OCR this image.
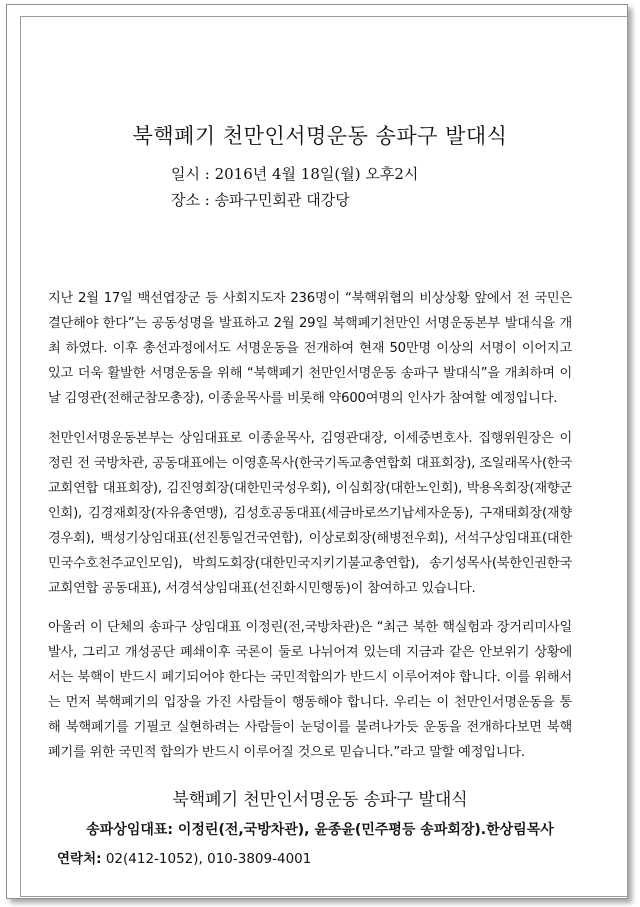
북핵폐기 천만인서명운동 송파구 발대식
일시 : 2016년 4월 18일(월) 오후2시
장소 : 송파구민회관 대강당
지난 2월 17일 백선엽장군 등 사회지도자 236명이 “북핵위협의 비상상황 앞에서 전 국민은 결단해야 한다”는 공동성명을 발표하고 2월 29일 북핵폐기천만인 서명운동본부 발대식을 개최 하였다. 이후 총선과정에서도 서명운동을 전개하여 현재 50만명 이상의 서명이 이어지고 있고 더욱 활발한 서명운동을 위해 “북핵폐기 천만인서명운동 송파구 발대식”을 개최하며 이날 김영관(전해군참모총장), 이종윤목사를 비롯해 약600여명의 인사가 참여할 예정입니다.
천만인서명운동본부는 상임대표로 이종윤목사, 김영관대장, 이세중변호사. 집행위원장은 이정린 전 국방차관, 공동대표에는 이영훈목사(한국기독교총연합회 대표회장), 조일래목사(한국교회연합 대표회장), 김진영회장(대한민국성우회), 이심회장(대한노인회), 박용옥회장(재향군인회), 김경재회장(자유총연맹), 김성호공동대표(세금바로쓰기납세자운동), 구재태회장(재향경우회), 백성기상임대표(선진통일건국연합), 이상로회장(해병전우회), 서석구상임대표(대한민국수호천주교인모임), 박희도회장(대한민국지키기불교총연합), 송기성목사(북한인권한국교회연합 공동대표), 서경석상임대표(선진화시민행동)이 참여하고 있습니다.
아울러 이 단체의 송파구 상임대표 이정린(전,국방차관)은 “최근 북한 핵실험과 장거리미사일 발사, 그리고 개성공단 폐쇄이후 국론이 둘로 나뉘어져 있는데 지금과 같은 안보위기 상황에서는 북핵이 반드시 폐기되어야 한다는 국민적합의가 반드시 이루어져야 합니다. 이를 위해서는 먼저 북핵폐기의 입장을 가진 사람들이 행동해야 합니다. 우리는 이 천만인서명운동을 통해 북핵폐기를 기필코 실현하려는 사람들이 눈덩이를 불려나가듯 운동을 전개하다보면 북핵폐기를 위한 국민적 합의가 반드시 이루어질 것으로 믿습니다.”라고 말할 예정입니다.
북핵폐기 천만인서명운동 송파구 발대식
송파상임대표: 이정린(전,국방차관), 윤종윤(민주평등 송파회장).한상림목사
연락처: 02(412-1052), 010-3809-4001
